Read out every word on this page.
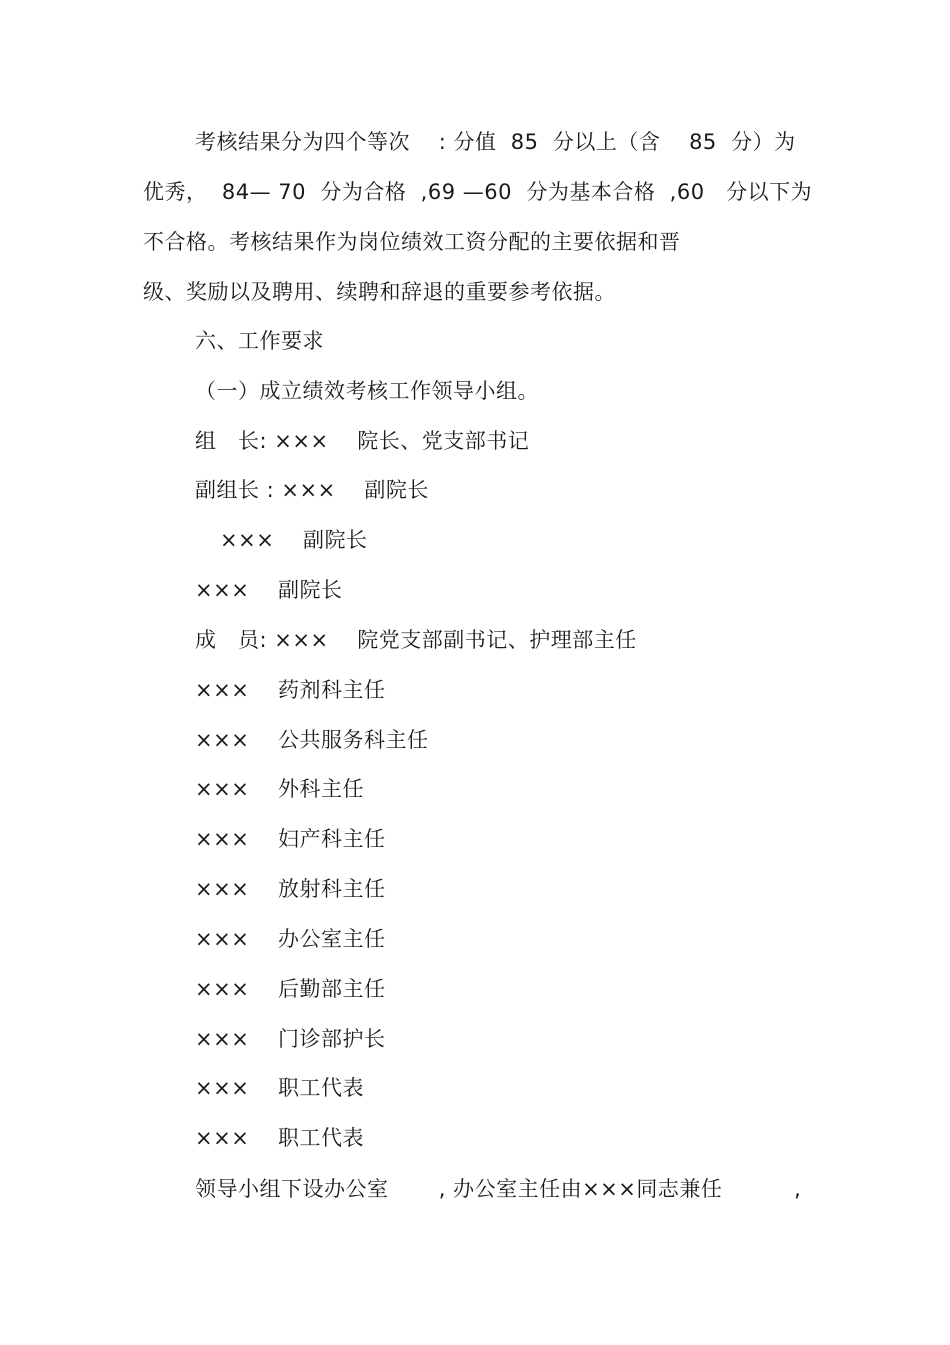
考核结果分为四个等次    : 分值  85  分以上（含    85  分）为
优秀，  84— 70  分为合格  ,69 —60  分为基本合格  ,60   分以下为
不合格。考核结果作为岗位绩效工资分配的主要依据和晋
级、奖励以及聘用、续聘和辞退的重要参考依据。
六、工作要求
（一）成立绩效考核工作领导小组。
组   长: ×××    院长、党支部书记
副组长 : ×××    副院长
×××    副院长
×××    副院长
成   员: ×××    院党支部副书记、护理部主任
×××    药剂科主任
×××    公共服务科主任
×××    外科主任
×××    妇产科主任
×××    放射科主任
×××    办公室主任
×××    后勤部主任
×××    门诊部护长
×××    职工代表
×××    职工代表
领导小组下设办公室       , 办公室主任由×××同志兼任          ,
